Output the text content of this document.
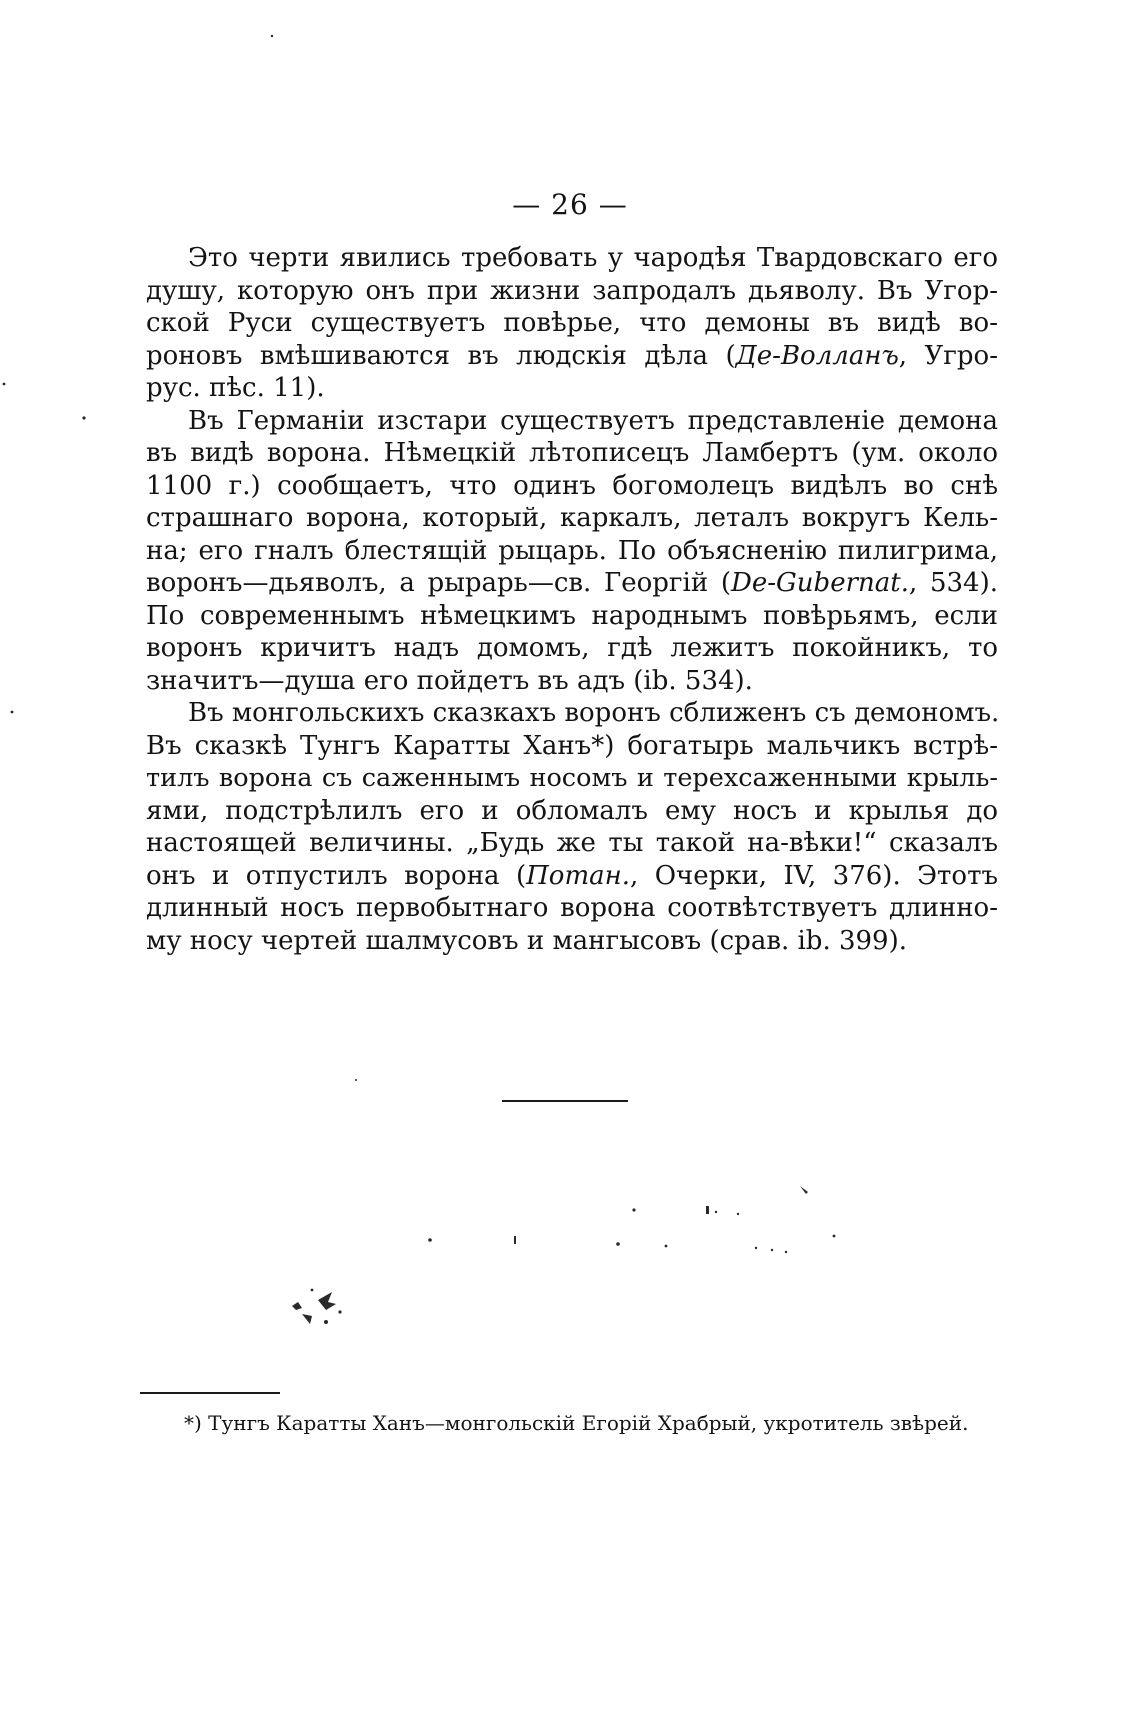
— 26 —
Это черти явились требовать у чародѣя Твардовскаго его
душу, которую онъ при жизни запродалъ дьяволу. Въ Угор-
ской Руси существуетъ повѣрье, что демоны въ видѣ во-
роновъ вмѣшиваются въ людскія дѣла (Де-Волланъ, Угро-
рус. пѣс. 11).
Въ Германіи изстари существуетъ представленіе демона
въ видѣ ворона. Нѣмецкій лѣтописецъ Ламбертъ (ум. около
1100 г.) сообщаетъ, что одинъ богомолецъ видѣлъ во снѣ
страшнаго ворона, который, каркалъ, леталъ вокругъ Кель-
на; его гналъ блестящій рыцарь. По объясненію пилигрима,
воронъ—дьяволъ, а рырарь—св. Георгій (De-Gubernat., 534).
По современнымъ нѣмецкимъ народнымъ повѣрьямъ, если
воронъ кричитъ надъ домомъ, гдѣ лежитъ покойникъ, то
значитъ—душа его пойдетъ въ адъ (ib. 534).
Въ монгольскихъ сказкахъ воронъ сближенъ съ демономъ.
Въ сказкѣ Тунгъ Каратты Ханъ*) богатырь мальчикъ встрѣ-
тилъ ворона съ саженнымъ носомъ и терехсаженными крыль-
ями, подстрѣлилъ его и обломалъ ему носъ и крылья до
настоящей величины. „Будь же ты такой на-вѣки!“ сказалъ
онъ и отпустилъ ворона (Потан., Очерки, IV, 376). Этотъ
длинный носъ первобытнаго ворона соотвѣтствуетъ длинно-
му носу чертей шалмусовъ и мангысовъ (срав. ib. 399).
*) Тунгъ Каратты Ханъ—монгольскій Егорій Храбрый, укротитель звѣрей.
